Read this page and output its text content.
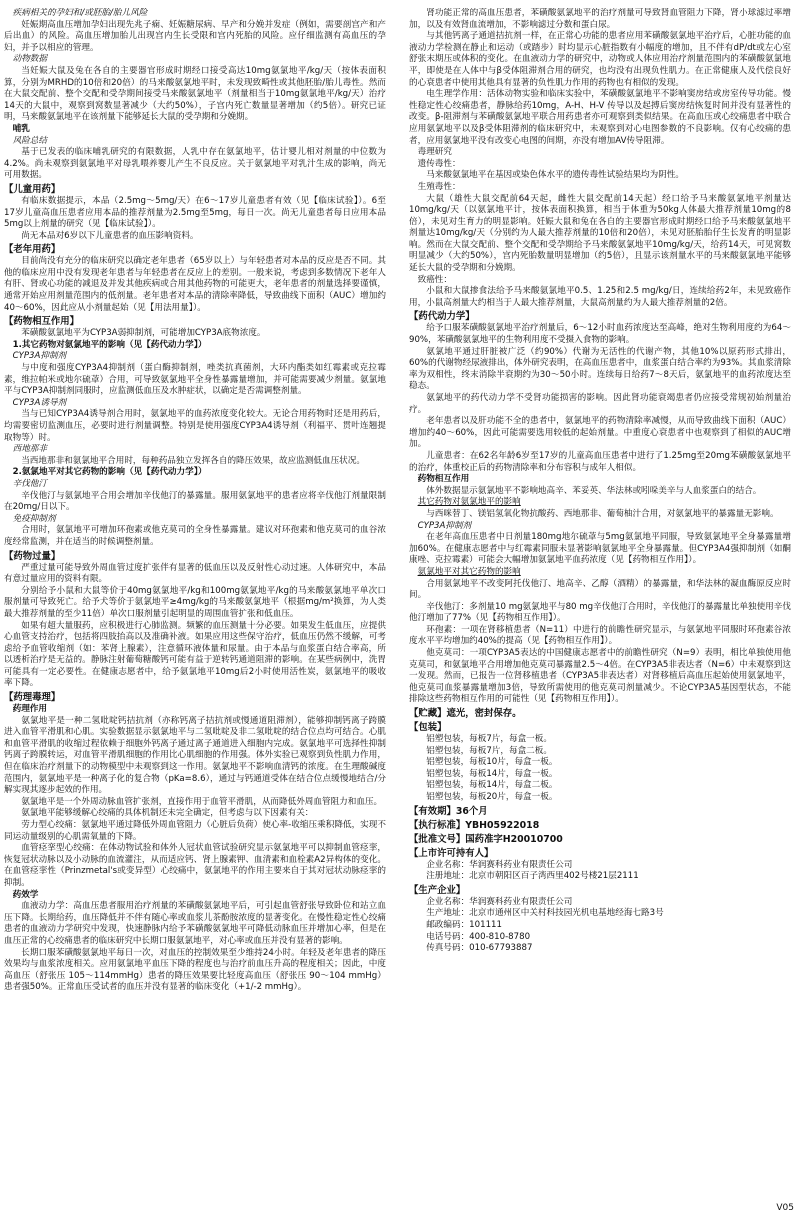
疾病相关的孕妇和/或胚胎/胎儿风险
妊娠期高血压增加孕妇出现先兆子痫、妊娠糖尿病、早产和分娩并发症（例如，需要剖宫产和产后出血）的风险。高血压增加胎儿出现宫内生长受限和宫内死胎的风险。应仔细监测有高血压的孕妇，并予以相应的管理。
动物数据
当妊娠大鼠及兔在各自的主要器官形成时期经口接受高达10mg氨氯地平/kg/天（按体表面积算，分别为MRHD的10倍和20倍）的马来酸氨氯地平时，未发现致畸性或其他胚胎/胎儿毒性。然而在大鼠交配前、整个交配和受孕期间接受马来酸氨氯地平（剂量相当于10mg氨氯地平/kg/天）治疗14天的大鼠中，观察到窝数显著减少（大约50%），子宫内死亡数量显著增加（约5倍）。研究已证明，马来酸氨氯地平在该剂量下能够延长大鼠的受孕期和分娩期。
哺乳
风险总结
基于已发表的临床哺乳研究的有限数据，人乳中存在氨氯地平，估计婴儿相对剂量的中位数为 4.2%。尚未观察到氨氯地平对母乳喂养婴儿产生不良反应。关于氨氯地平对乳汁生成的影响，尚无可用数据。
【儿童用药】
有临床数据提示，本品（2.5mg～5mg/天）在6～17岁儿童患者有效（见【临床试验】）。6至17岁儿童高血压患者应用本品的推荐剂量为2.5mg至5mg，每日一次。尚无儿童患者每日应用本品5mg以上剂量的研究（见【临床试验】）。
尚无本品对6岁以下儿童患者的血压影响资料。
【老年用药】
目前尚没有充分的临床研究以确定老年患者（65岁以上）与年轻患者对本品的反应是否不同。其他的临床应用中没有发现老年患者与年轻患者在反应上的差别。一般来说，考虑到多数情况下老年人有肝、肾或心功能的减退及并发其他疾病或合用其他药物的可能更大，老年患者的剂量选择要谨慎，通常开始应用剂量范围内的低剂量。老年患者对本品的清除率降低，导致曲线下面积（AUC）增加约40～60%，因此应从小剂量起始（见【用法用量】）。
【药物相互作用】
苯磺酸氨氯地平为CYP3A弱抑制剂，可能增加CYP3A底物浓度。
1.其它药物对氨氯地平的影响（见【药代动力学】）
CYP3A抑制剂
与中度和强度CYP3A4抑制剂（蛋白酶抑制剂，唑类抗真菌剂，大环内酯类如红霉素或克拉霉素，维拉帕米或地尔硫䓬）合用，可导致氨氯地平全身性暴露量增加，并可能需要减少剂量。氨氯地平与CYP3A抑制剂同服时，应监测低血压及水肿症状，以确定是否需调整剂量。
CYP3A诱导剂
当与已知CYP3A4诱导剂合用时，氨氯地平的血药浓度变化较大。无论合用药物时还是用药后，均需要密切监测血压，必要时进行剂量调整。特别是使用强度CYP3A4诱导剂（利福平、贯叶连翘提取物等）时。
西地那非
当西地那非和氨氯地平合用时，每种药品独立发挥各自的降压效果，故应监测低血压状况。
2.氨氯地平对其它药物的影响（见【药代动力学】）
辛伐他汀
辛伐他汀与氨氯地平合用会增加辛伐他汀的暴露量。服用氨氯地平的患者应将辛伐他汀剂量限制在20mg/日以下。
免疫抑制剂
合用时，氨氯地平可增加环孢素或他克莫司的全身性暴露量。建议对环孢素和他克莫司的血谷浓度经常监测，并在适当的时候调整剂量。
【药物过量】
严重过量可能导致外周血管过度扩张伴有显著的低血压以及反射性心动过速。人体研究中，本品有意过量应用的资料有限。
分别给予小鼠和大鼠等价于40mg氨氯地平/kg和100mg氨氯地平/kg的马来酸氨氯地平单次口服剂量可导致死亡。给予犬等价于氨氯地平≥4mg/kg的马来酸氨氯地平（根据mg/m²换算，为人类最大推荐剂量的至少11倍）单次口服剂量引起明显的周围血管扩张和低血压。
如果有超大量服药，应积极进行心肺监测。频繁的血压测量十分必要。如果发生低血压，应提供心血管支持治疗，包括将四肢抬高以及准确补液。如果应用这些保守治疗，低血压仍然不缓解，可考虑给予血管收缩剂（如：苯肾上腺素），注意循环液体量和尿量。由于本品与血浆蛋白结合率高，所以透析治疗是无益的。静脉注射葡萄糖酸钙可能有益于逆转钙通道阻滞的影响。在某些病例中，洗胃可能具有一定必要性。在健康志愿者中，给予氨氯地平10mg后2小时使用活性炭，氨氯地平的吸收率下降。
【药理毒理】
药理作用
氨氯地平是一种二氢吡啶钙拮抗剂（亦称钙离子拮抗剂或慢通道阻滞剂），能够抑制钙离子跨膜进入血管平滑肌和心肌。实验数据显示氨氯地平与二氢吡啶及非二氢吡啶的结合位点均可结合。心肌和血管平滑肌的收缩过程依赖于细胞外钙离子通过离子通道进入细胞内完成。氨氯地平可选择性抑制钙离子跨膜转运，对血管平滑肌细胞的作用比心肌细胞的作用强。体外实验已观察到负性肌力作用，但在临床治疗剂量下的动物模型中未观察到这一作用。氨氯地平不影响血清钙的浓度。在生理酸碱度范围内，氨氯地平是一种离子化的复合物（pKa=8.6），通过与钙通道受体在结合位点缓慢地结合/分解实现其逐步起效的作用。
氨氯地平是一个外周动脉血管扩张剂，直接作用于血管平滑肌，从而降低外周血管阻力和血压。
氨氯地平能够缓解心绞痛的具体机制还未完全确定，但考虑与以下因素有关：
劳力型心绞痛：氨氯地平通过降低外周血管阻力（心脏后负荷）使心率-收缩压乘积降低，实现不同运动量级别的心肌需氧量的下降。
血管痉挛型心绞痛：在体动物试验和体外人冠状血管试验研究显示氨氯地平可以抑制血管痉挛，恢复冠状动脉以及小动脉的血流灌注，从而适应钙、肾上腺素钾、血清素和血栓素A2异构体的变化。在血管痉挛性（Prinzmetal's或变异型）心绞痛中，氨氯地平的作用主要来自于其对冠状动脉痉挛的抑制。
药效学
血液动力学：高血压患者服用治疗剂量的苯磺酸氨氯地平后，可引起血管舒张导致卧位和站立血压下降。长期给药，血压降低并不伴有随心率或血浆儿茶酚胺浓度的显著变化。在慢性稳定性心绞痛患者的血液动力学研究中发现，快速静脉内给予苯磺酸氨氯地平可降低动脉血压并增加心率，但是在血压正常的心绞痛患者的临床研究中长期口服氨氯地平，对心率或血压并没有显著的影响。
长期口服苯磺酸氨氯地平每日一次，对血压的控制效果至少维持24小时。年轻及老年患者的降压效果均与血浆浓度相关。应用氨氯地平血压下降的程度也与治疗前血压升高的程度相关；因此，中度高血压（舒张压 105～114mmHg）患者的降压效果要比轻度高血压（舒张压 90～104 mmHg）患者强50%。正常血压受试者的血压并没有显著的临床变化（+1/-2 mmHg）。
肾功能正常的高血压患者，苯磺酸氨氯地平的治疗剂量可导致肾血管阻力下降，肾小球滤过率增加，以及有效肾血流增加，不影响滤过分数和蛋白尿。
与其他钙离子通道拮抗剂一样，在正常心功能的患者应用苯磺酸氨氯地平治疗后，心脏功能的血液动力学检测在静止和运动（或踏步）时均显示心脏指数有小幅度的增加，且不伴有dP/dt或左心室舒张末期压或体积的变化。在血液动力学的研究中，动物或人体应用治疗剂量范围内的苯磺酸氨氯地平，即使是在人体中与β受体阻滞剂合用的研究，也均没有出现负性肌力。在正常健康人及代偿良好的心衰患者中使用其他具有显著的负性肌力作用的药物也有相似的发现。
电生理学作用：活体动物实验和临床实验中，苯磺酸氨氯地平不影响窦房结或房室传导功能。慢性稳定性心绞痛患者，静脉给药10mg，A-H、H-V 传导以及起搏后窦房结恢复时间并没有显著性的改变。β-阻滞剂与苯磺酸氨氯地平联合用药患者亦可观察到类似结果。在高血压或心绞痛患者中联合应用氨氯地平以及β受体阻滞剂的临床研究中，未观察到对心电图参数的不良影响。仅有心绞痛的患者，应用氨氯地平没有改变心电图的间期，亦没有增加AV传导阻滞。
毒理研究
遗传毒性：
马来酸氨氯地平在基因或染色体水平的遗传毒性试验结果均为阴性。
生殖毒性：
大鼠（雄性大鼠交配前64天起，雌性大鼠交配前14天起）经口给予马来酸氨氯地平剂量达10mg/kg/天（以氨氯地平计，按体表面积换算，相当于体重为50kg人体最大推荐剂量10mg的8倍），未见对生育力的明显影响。妊娠大鼠和兔在各自的主要器官形成时期经口给予马来酸氨氯地平剂量达10mg/kg/天（分别约为人最大推荐剂量的10倍和20倍），未见对胚胎胎仔生长发育的明显影响。然而在大鼠交配前、整个交配和受孕期给予马来酸氨氯地平10mg/kg/天，给药14天，可见窝数明显减少（大约50%），宫内死胎数量明显增加（约5倍），且显示该剂量水平的马来酸氨氯地平能够延长大鼠的受孕期和分娩期。
致癌性：
小鼠和大鼠掺食法给予马来酸氨氯地平0.5、1.25和2.5 mg/kg/日，连续给药2年，未见致癌作用，小鼠高剂量大约相当于人最大推荐剂量，大鼠高剂量约为人最大推荐剂量的2倍。
【药代动力学】
给予口服苯磺酸氨氯地平治疗剂量后，6～12小时血药浓度达至高峰，绝对生物利用度约为64～90%，苯磺酸氨氯地平的生物利用度不受摄入食物的影响。
氨氯地平通过肝脏被广泛（约90%）代谢为无活性的代谢产物，其他10%以原药形式排出，60%的代谢物经尿液排出，体外研究表明，在高血压患者中，血浆蛋白结合率约为93%。其血浆清除率为双相性，终末消除半衰期约为30～50小时。连续每日给药7～8天后，氨氯地平的血药浓度达至稳态。
氨氯地平的药代动力学不受肾功能损害的影响。因此肾功能衰竭患者仍应接受常规初始剂量治疗。
老年患者以及肝功能不全的患者中，氨氯地平的药物清除率减慢，从而导致曲线下面积（AUC）增加约40～60%，因此可能需要选用较低的起始剂量。中重度心衰患者中也观察到了相似的AUC增加。
儿童患者：在62名年龄6岁至17岁的儿童高血压患者中进行了1.25mg至20mg苯磺酸氨氯地平的治疗，体重校正后的药物清除率和分布容积与成年人相似。
药物相互作用
体外数据显示氨氯地平不影响地高辛、苯妥英、华法林或吲哚美辛与人血浆蛋白的结合。
其它药物对氨氯地平的影响
与西咪替丁、镁铝氢氧化物抗酸药、西地那非、葡萄柚汁合用，对氨氯地平的暴露量无影响。
CYP3A抑制剂
在老年高血压患者中日剂量180mg地尔硫䓬与5mg氨氯地平同服，导致氨氯地平全身暴露量增加60%。在健康志愿者中与红霉素同服未显著影响氨氯地平全身暴露量。但CYP3A4强抑制剂（如酮康唑、克拉霉素）可能会大幅增加氨氯地平血药浓度（见【药物相互作用】）。
氨氯地平对其它药物的影响
合用氨氯地平不改变阿托伐他汀、地高辛、乙醇（酒精）的暴露量，和华法林的凝血酶原反应时间。
辛伐他汀：多剂量10 mg氨氯地平与80 mg辛伐他汀合用时，辛伐他汀的暴露量比单独使用辛伐他汀增加了77%（见【药物相互作用】）。
环孢素：一项在肾移植患者（N=11）中进行的前瞻性研究显示，与氨氯地平同服时环孢素谷浓度水平平均增加约40%的提高（见【药物相互作用】）。
他克莫司：一项CYP3A5表达的中国健康志愿者中的前瞻性研究（N=9）表明，相比单独使用他克莫司，和氨氯地平合用增加他克莫司暴露量2.5～4倍。在CYP3A5非表达者（N=6）中未观察到这一发现。然而，已报告一位肾移植患者（CYP3A5非表达者）对肾移植后高血压起始使用氨氯地平，他克莫司血浆暴露量增加3倍，导致所需使用的他克莫司剂量减少。不论CYP3A5基因型状态，不能排除这些药物相互作用的可能性（见【药物相互作用】）。
【贮藏】遮光，密封保存。
【包装】
铝塑包装，每板7片，每盒一板。
铝塑包装，每板7片，每盒二板。
铝塑包装，每板10片，每盒一板。
铝塑包装，每板14片，每盒一板。
铝塑包装，每板14片，每盒二板。
铝塑包装，每板20片，每盒一板。
【有效期】36个月
【执行标准】YBH05922018
【批准文号】国药准字H20010700
【上市许可持有人】
企业名称： 华润赛科药业有限责任公司
注册地址： 北京市朝阳区百子湾西里402号楼21层2111
【生产企业】
企业名称： 华润赛科药业有限责任公司
生产地址： 北京市通州区中关村科技园光机电基地经海七路3号
邮政编码： 101111
电话号码： 400-810-8780
传真号码： 010-67793887
V05
